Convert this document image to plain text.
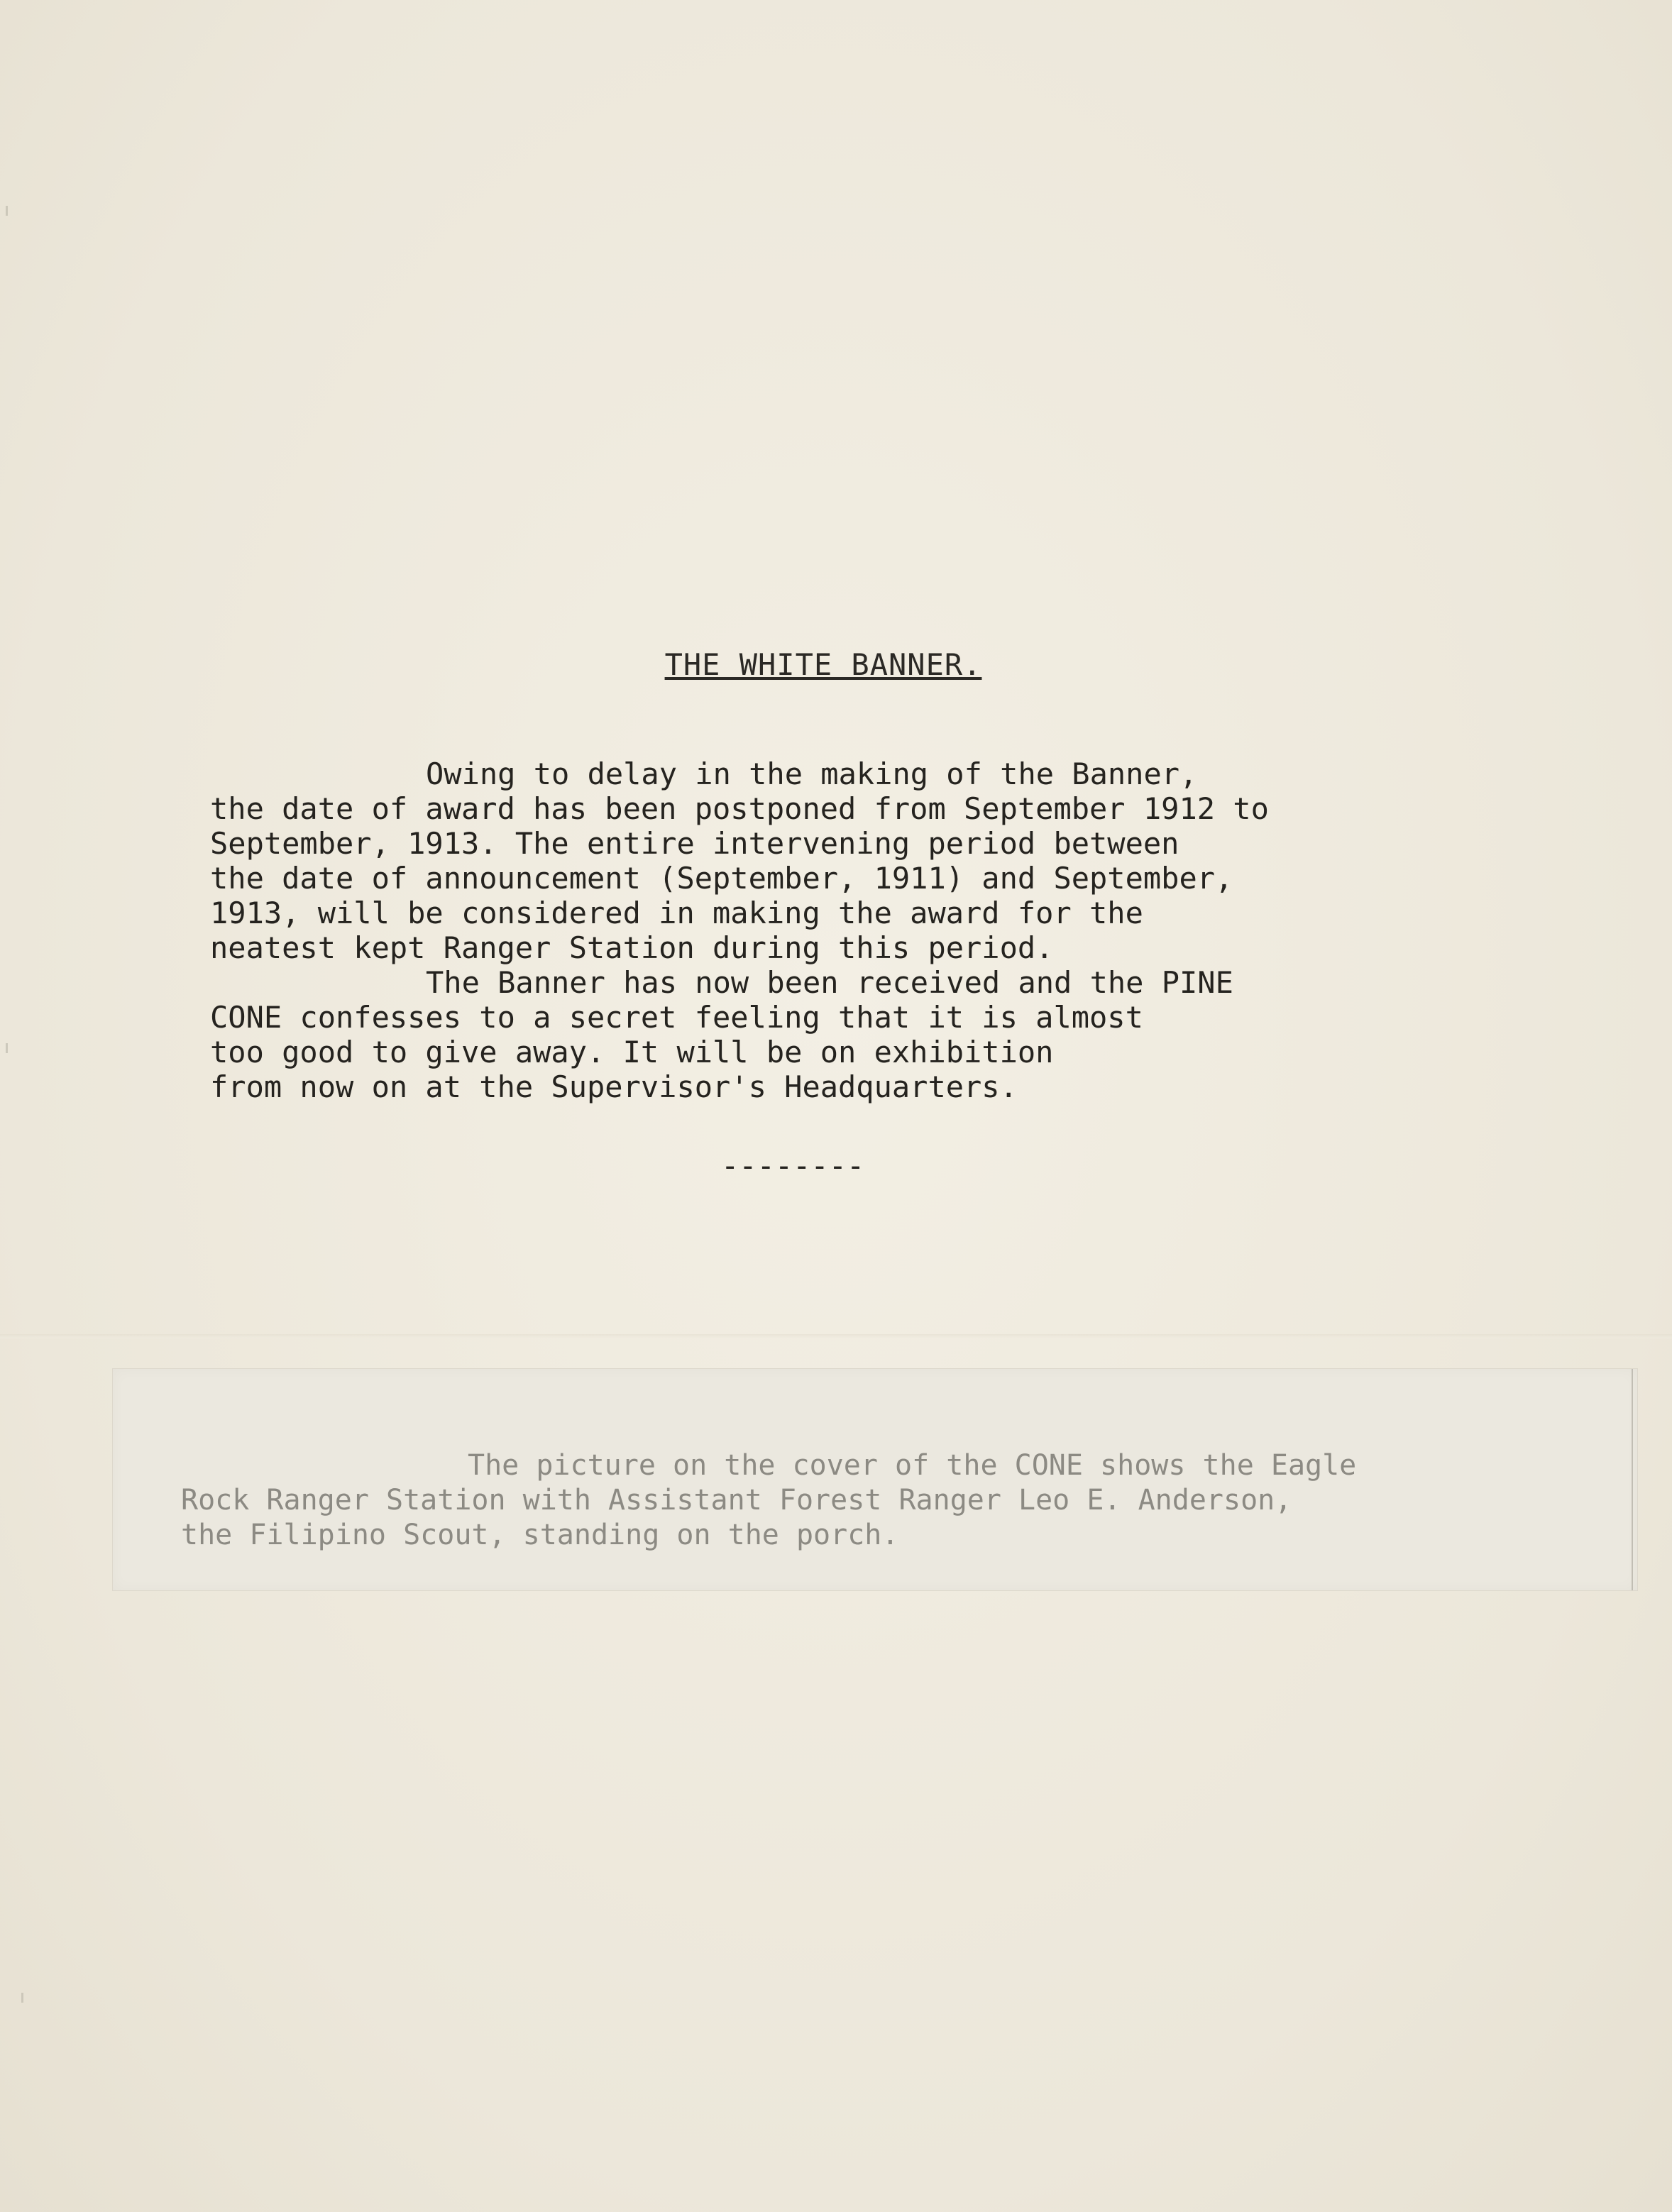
THE WHITE BANNER.
Owing to delay in the making of the Banner,
the date of award has been postponed from September 1912 to
September, 1913. The entire intervening period between
the date of announcement (September, 1911) and September,
1913, will be considered in making the award for the
neatest kept Ranger Station during this period.
The Banner has now been received and the PINE
CONE confesses to a secret feeling that it is almost
too good to give away. It will be on exhibition
from now on at the Supervisor's Headquarters.
--------
The picture on the cover of the CONE shows the Eagle
Rock Ranger Station with Assistant Forest Ranger Leo E. Anderson,
the Filipino Scout, standing on the porch.
